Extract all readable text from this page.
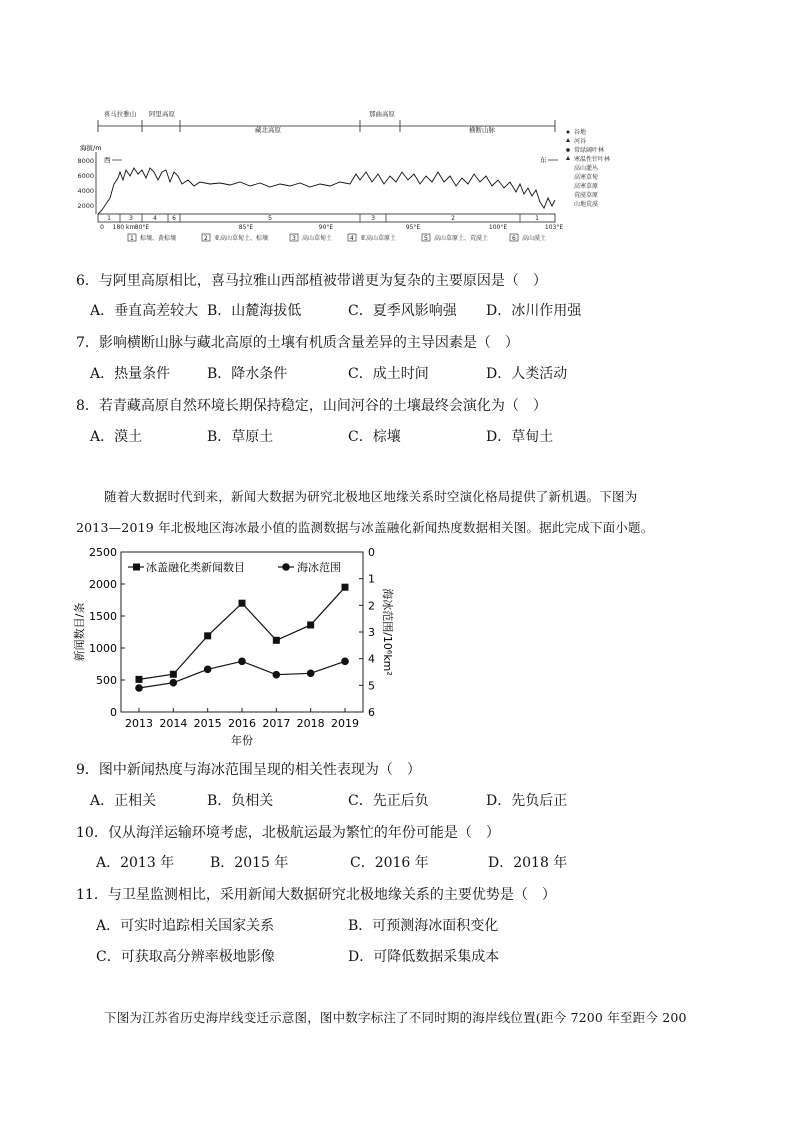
喜马拉雅山 阿里高原
藏北高原
那曲高原
横断山脉
海拔/m
8000
6000
4000
2000
西	东
1	3	4	6	5	3	2	1
0 180 km 80°E	85°E	90°E	95°E	100°E	103°E
1 棕壤、黄棕壤	2 亚高山草甸土、棕壤	3 高山草甸土	4 亚高山草原土	5 高山草原土、荒漠土	6 高山漠土
谷地
河谷
常绿阔叶林
寒温性针叶林
高山灌丛
高寒草甸
高寒草原
荒漠草原
山地荒漠
6．与阿里高原相比，喜马拉雅山西部植被带谱更为复杂的主要原因是（　）
A．垂直高差较大 B．山麓海拔低	C．夏季风影响强 D．冰川作用强
7．影响横断山脉与藏北高原的土壤有机质含量差异的主导因素是（　）
A．热量条件	B．降水条件	C．成土时间	D．人类活动
8．若青藏高原自然环境长期保持稳定，山间河谷的土壤最终会演化为（　）
A．漠土	B．草原土	C．棕壤	D．草甸土
随着大数据时代到来，新闻大数据为研究北极地区地缘关系时空演化格局提供了新机遇。下图为
2013—2019 年北极地区海冰最小值的监测数据与冰盖融化新闻热度数据相关图。据此完成下面小题。
0
500
1000
1500
2000
2500	0
1
2
3
4
5
6
2013 2014 2015 2016 2017 2018 2019
冰盖融化类新闻数目	海冰范围
年份
新闻数目/条	海冰范围/10⁶km²
9．图中新闻热度与海冰范围呈现的相关性表现为（　）
A．正相关	B．负相关	C．先正后负	D．先负后正
10．仅从海洋运输环境考虑，北极航运最为繁忙的年份可能是（　）
A．2013 年	B．2015 年	C．2016 年	D．2018 年
11．与卫星监测相比，采用新闻大数据研究北极地缘关系的主要优势是（　）
A．可实时追踪相关国家关系	B．可预测海冰面积变化
C．可获取高分辨率极地影像	D．可降低数据采集成本
下图为江苏省历史海岸线变迁示意图，图中数字标注了不同时期的海岸线位置(距今 7200 年至距今 200
